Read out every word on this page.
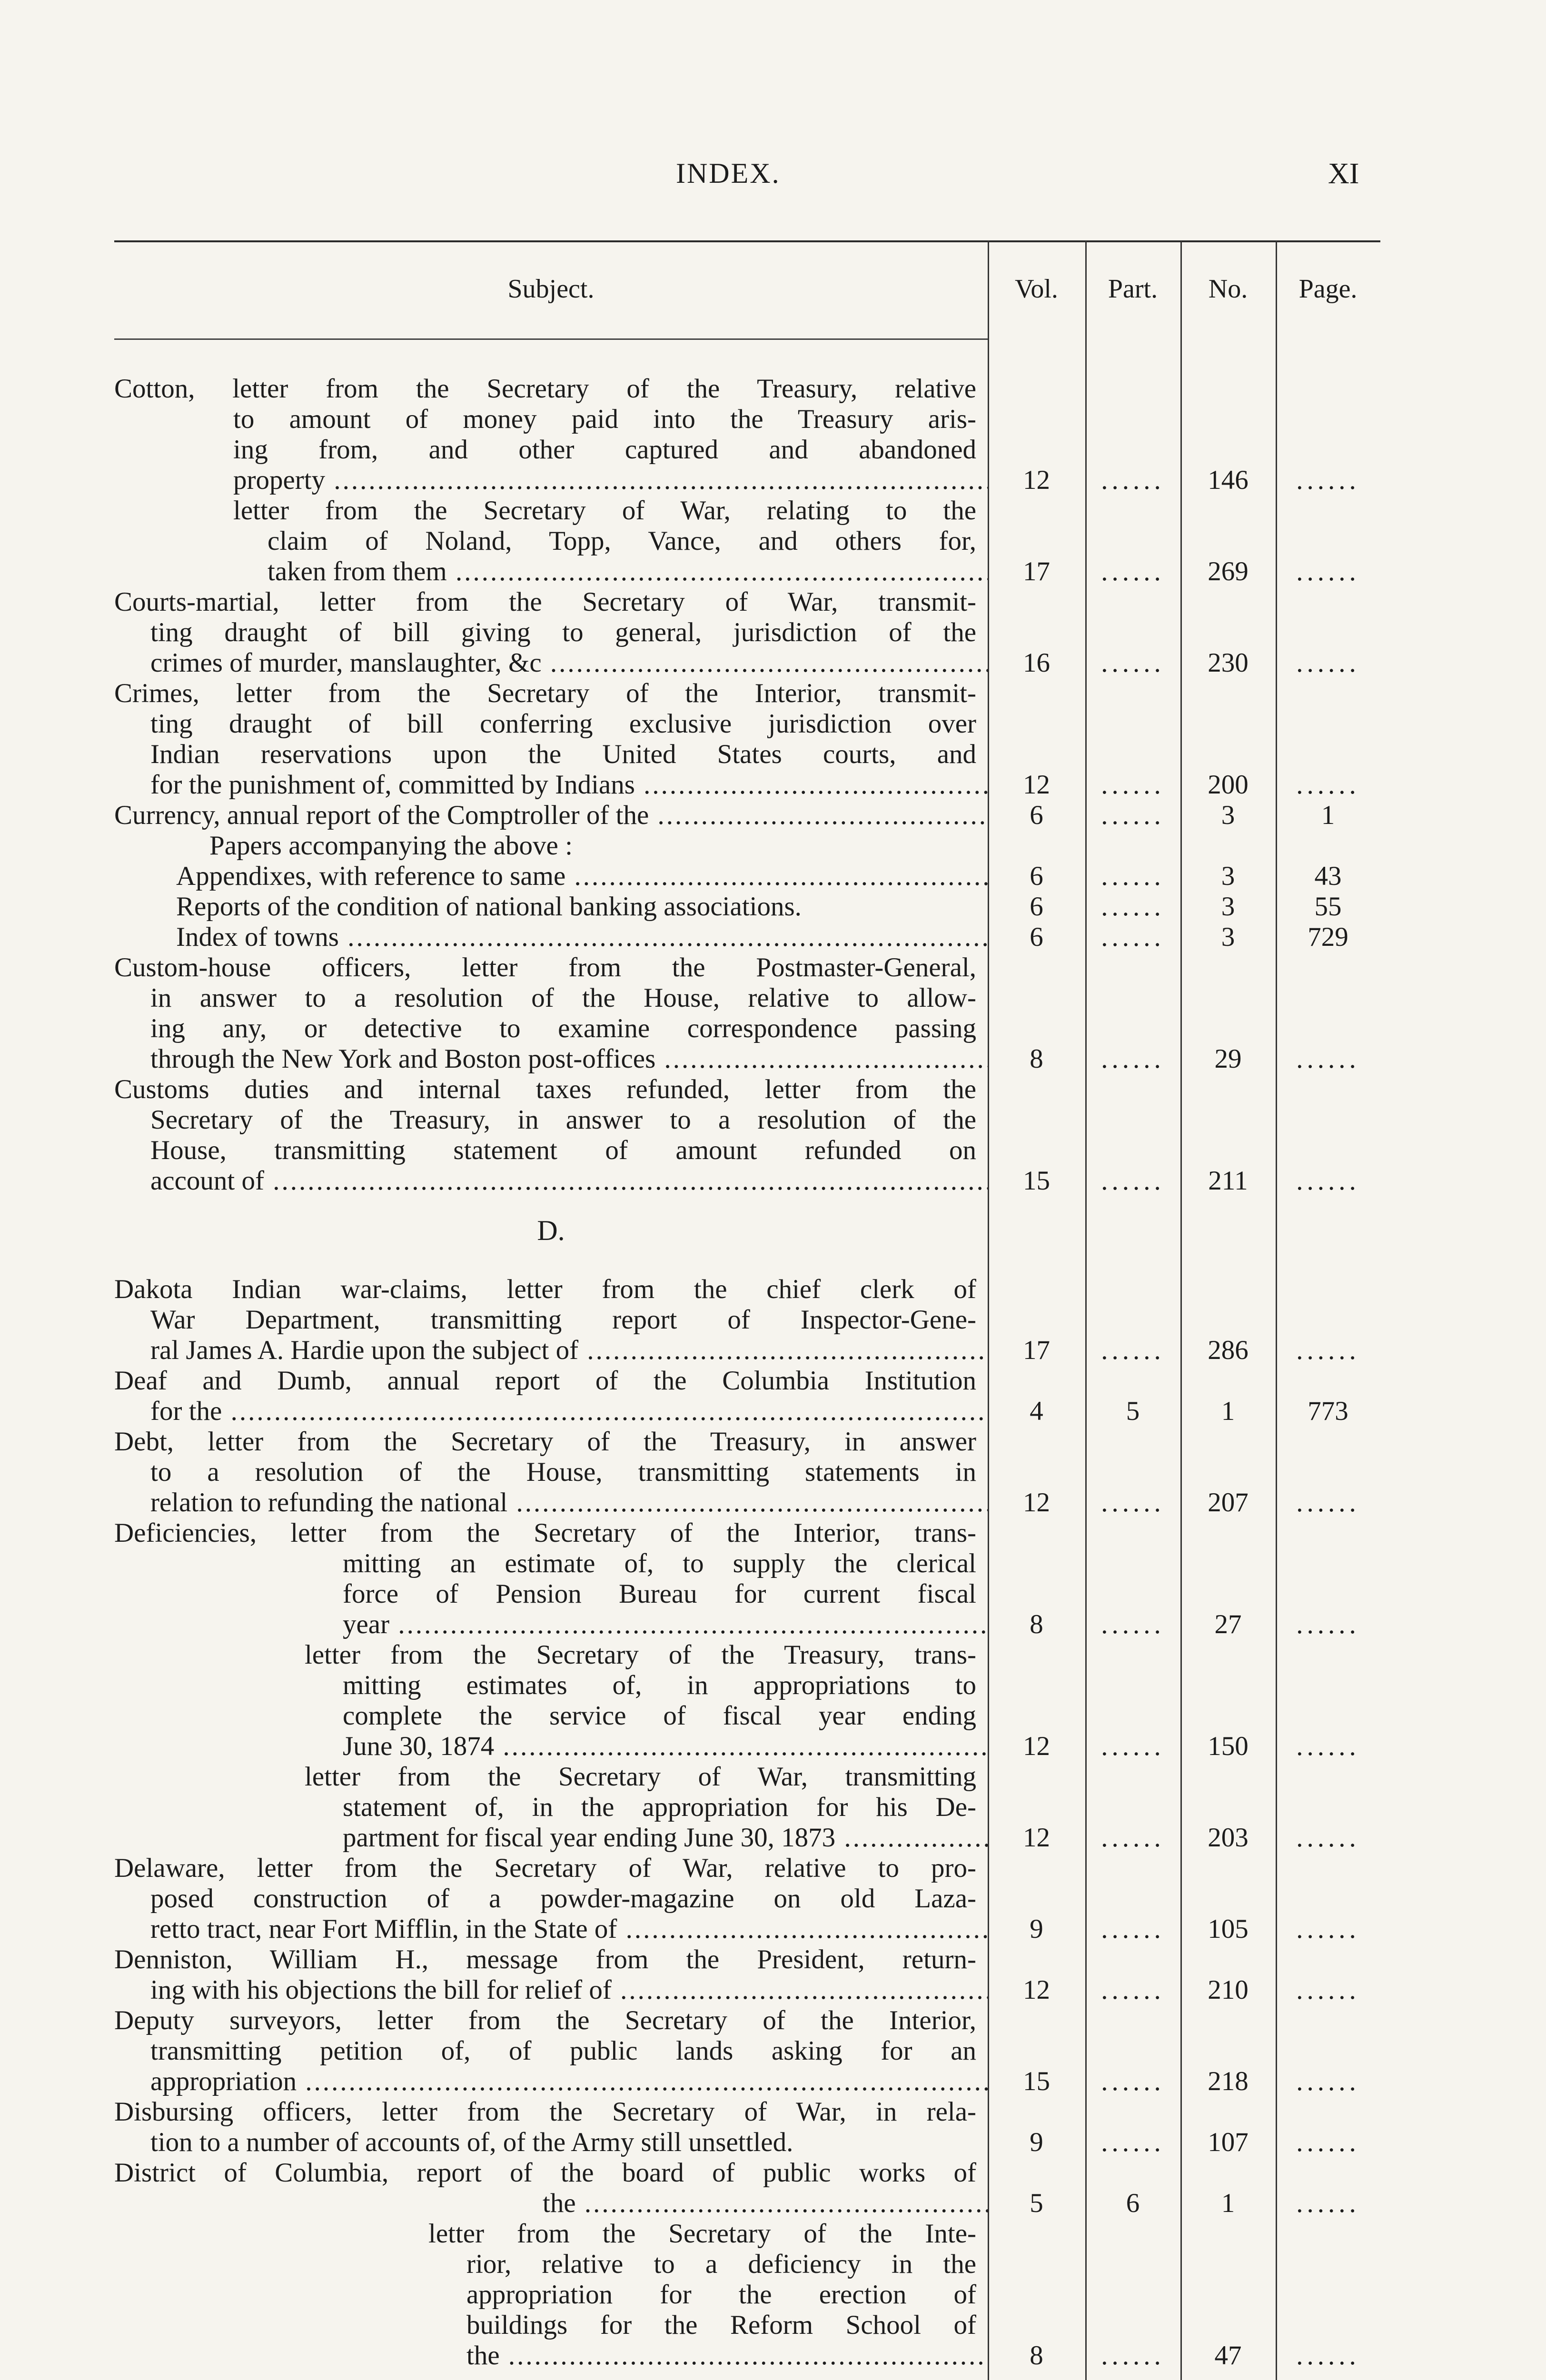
INDEX.	XI
Subject.	Vol.	Part.	No.	Page.
Cotton, letter from the Secretary of the Treasury, relative
to amount of money paid into the Treasury aris-
ing from, and other captured and abandoned
property .....	12	......	146	......
letter from the Secretary of War, relating to the
claim of Noland, Topp, Vance, and others for,
taken from them .....	17	......	269	......
Courts-martial, letter from the Secretary of War, transmit-
ting draught of bill giving to general, jurisdiction of the
crimes of murder, manslaughter, &c .....	16	......	230	......
Crimes, letter from the Secretary of the Interior, transmit-
ting draught of bill conferring exclusive jurisdiction over
Indian reservations upon the United States courts, and
for the punishment of, committed by Indians .....	12	......	200	......
Currency, annual report of the Comptroller of the .....	6	......	3	1
Papers accompanying the above :
Appendixes, with reference to same .....	6	......	3	43
Reports of the condition of national banking associations.	6	......	3	55
Index of towns .....	6	......	3	729
Custom-house officers, letter from the Postmaster-General,
in answer to a resolution of the House, relative to allow-
ing any, or detective to examine correspondence passing
through the New York and Boston post-offices .....	8	......	29	......
Customs duties and internal taxes refunded, letter from the
Secretary of the Treasury, in answer to a resolution of the
House, transmitting statement of amount refunded on
account of .....	15	......	211	......
D.
Dakota Indian war-claims, letter from the chief clerk of
War Department, transmitting report of Inspector-Gene-
ral James A. Hardie upon the subject of .....	17	......	286	......
Deaf and Dumb, annual report of the Columbia Institution
for the .....	4	5	1	773
Debt, letter from the Secretary of the Treasury, in answer
to a resolution of the House, transmitting statements in
relation to refunding the national .....	12	......	207	......
Deficiencies, letter from the Secretary of the Interior, trans-
mitting an estimate of, to supply the clerical
force of Pension Bureau for current fiscal
year .....	8	......	27	......
letter from the Secretary of the Treasury, trans-
mitting estimates of, in appropriations to
complete the service of fiscal year ending
June 30, 1874 .....	12	......	150	......
letter from the Secretary of War, transmitting
statement of, in the appropriation for his De-
partment for fiscal year ending June 30, 1873 .....	12	......	203	......
Delaware, letter from the Secretary of War, relative to pro-
posed construction of a powder-magazine on old Laza-
retto tract, near Fort Mifflin, in the State of .....	9	......	105	......
Denniston, William H., message from the President, return-
ing with his objections the bill for relief of .....	12	......	210	......
Deputy surveyors, letter from the Secretary of the Interior,
transmitting petition of, of public lands asking for an
appropriation .....	15	......	218	......
Disbursing officers, letter from the Secretary of War, in rela-
tion to a number of accounts of, of the Army still unsettled.	9	......	107	......
District of Columbia, report of the board of public works of
the .....	5	6	1	......
letter from the Secretary of the Inte-
rior, relative to a deficiency in the
appropriation for the erection of
buildings for the Reform School of
the .....	8	......	47	......
